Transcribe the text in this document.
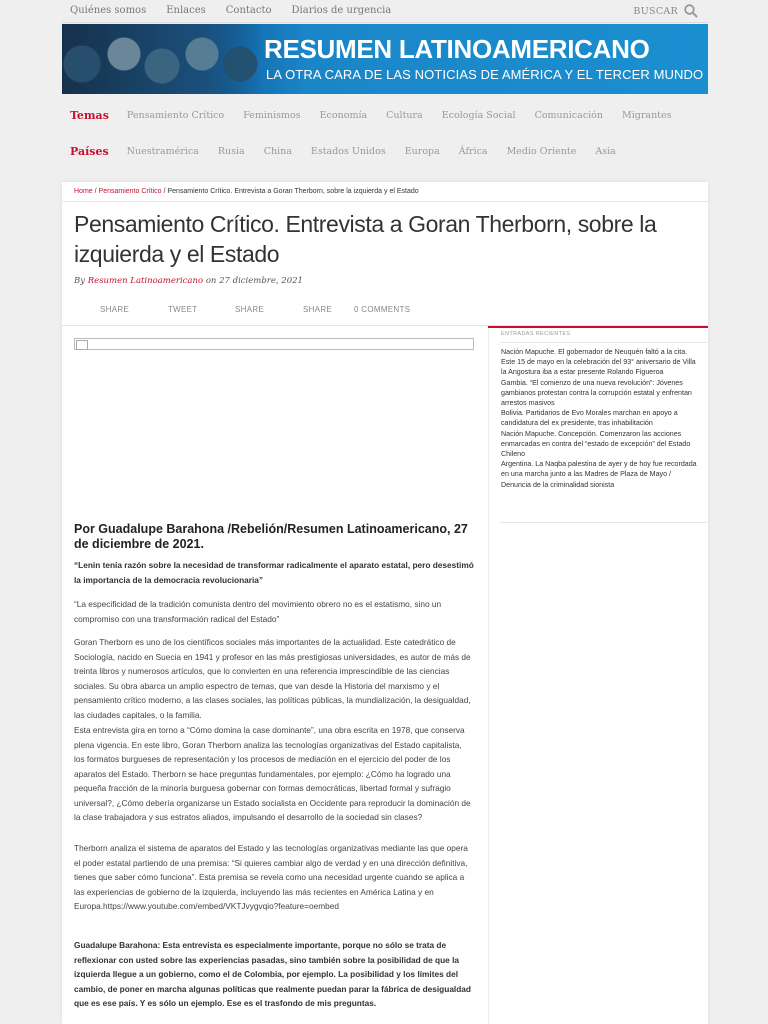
Quiénes somos Enlaces Contacto Diarios de urgencia	BUSCAR
RESUMEN LATINOAMERICANO
LA OTRA CARA DE LAS NOTICIAS DE AMÉRICA Y EL TERCER MUNDO
Temas Pensamiento Crítico Feminismos Economía Cultura Ecología Social Comunicación Migrantes
Países Nuestramérica Rusia China Estados Unidos Europa África Medio Oriente Asia
Home / Pensamiento Crítico / Pensamiento Crítico. Entrevista a Goran Therborn, sobre la izquierda y el Estado
Pensamiento Crítico. Entrevista a Goran Therborn, sobre la izquierda y el Estado
By Resumen Latinoamericano on 27 diciembre, 2021
SHARE	TWEET	SHARE	SHARE	0 COMMENTS
Por Guadalupe Barahona /Rebelión/Resumen Latinoamericano, 27 de diciembre de 2021.

“Lenin tenía razón sobre la necesidad de transformar radicalmente el aparato estatal, pero desestimó la importancia de la democracia revolucionaria”

“La especificidad de la tradición comunista dentro del movimiento obrero no es el estatismo, sino un compromiso con una transformación radical del Estado”

Goran Therborn es uno de los científicos sociales más importantes de la actualidad. Este catedrático de Sociología, nacido en Suecia en 1941 y profesor en las más prestigiosas universidades, es autor de más de treinta libros y numerosos artículos, que lo convierten en una referencia imprescindible de las ciencias sociales. Su obra abarca un amplio espectro de temas, que van desde la Historia del marxismo y el pensamiento crítico moderno, a las clases sociales, las políticas públicas, la mundialización, la desigualdad, las ciudades capitales, o la familia.

Esta entrevista gira en torno a “Cómo domina la case dominante”, una obra escrita en 1978, que conserva plena vigencia. En este libro, Goran Therborn analiza las tecnologías organizativas del Estado capitalista, los formatos burgueses de representación y los procesos de mediación en el ejercicio del poder de los aparatos del Estado. Therborn se hace preguntas fundamentales, por ejemplo: ¿Cómo ha logrado una pequeña fracción de la minoría burguesa gobernar con formas democráticas, libertad formal y sufragio universal?, ¿Cómo debería organizarse un Estado socialista en Occidente para reproducir la dominación de la clase trabajadora y sus estratos aliados, impulsando el desarrollo de la sociedad sin clases?

Therborn analiza el sistema de aparatos del Estado y las tecnologías organizativas mediante las que opera el poder estatal partiendo de una premisa: “Si quieres cambiar algo de verdad y en una dirección definitiva, tienes que saber cómo funciona”. Esta premisa se revela como una necesidad urgente cuando se aplica a las experiencias de gobierno de la izquierda, incluyendo las más recientes en América Latina y en Europa.https://www.youtube.com/embed/VKTJvygvqio?feature=oembed

Guadalupe Barahona: Esta entrevista es especialmente importante, porque no sólo se trata de reflexionar con usted sobre las experiencias pasadas, sino también sobre la posibilidad de que la izquierda llegue a un gobierno, como el de Colombia, por ejemplo. La posibilidad y los límites del cambio, de poner en marcha algunas políticas que realmente puedan parar la fábrica de desigualdad que es ese país. Y es sólo un ejemplo. Ese es el trasfondo de mis preguntas.

ENTRADAS RECIENTES
Nación Mapuche. El gobernador de Neuquén faltó a la cita. Este 15 de mayo en la celebración del 93° aniversario de Villa la Angostura iba a estar presente Rolando Figueroa
Gambia. “El comienzo de una nueva revolución”: Jóvenes gambianos protestan contra la corrupción estatal y enfrentan arrestos masivos
Bolivia. Partidarios de Evo Morales marchan en apoyo a candidatura del ex presidente, tras inhabilitación
Nación Mapuche. Concepción. Comenzaron las acciones enmarcadas en contra del “estado de excepción” del Estado Chileno
Argentina. La Naqba palestina de ayer y de hoy fue recordada en una marcha junto a las Madres de Plaza de Mayo / Denuncia de la criminalidad sionista
